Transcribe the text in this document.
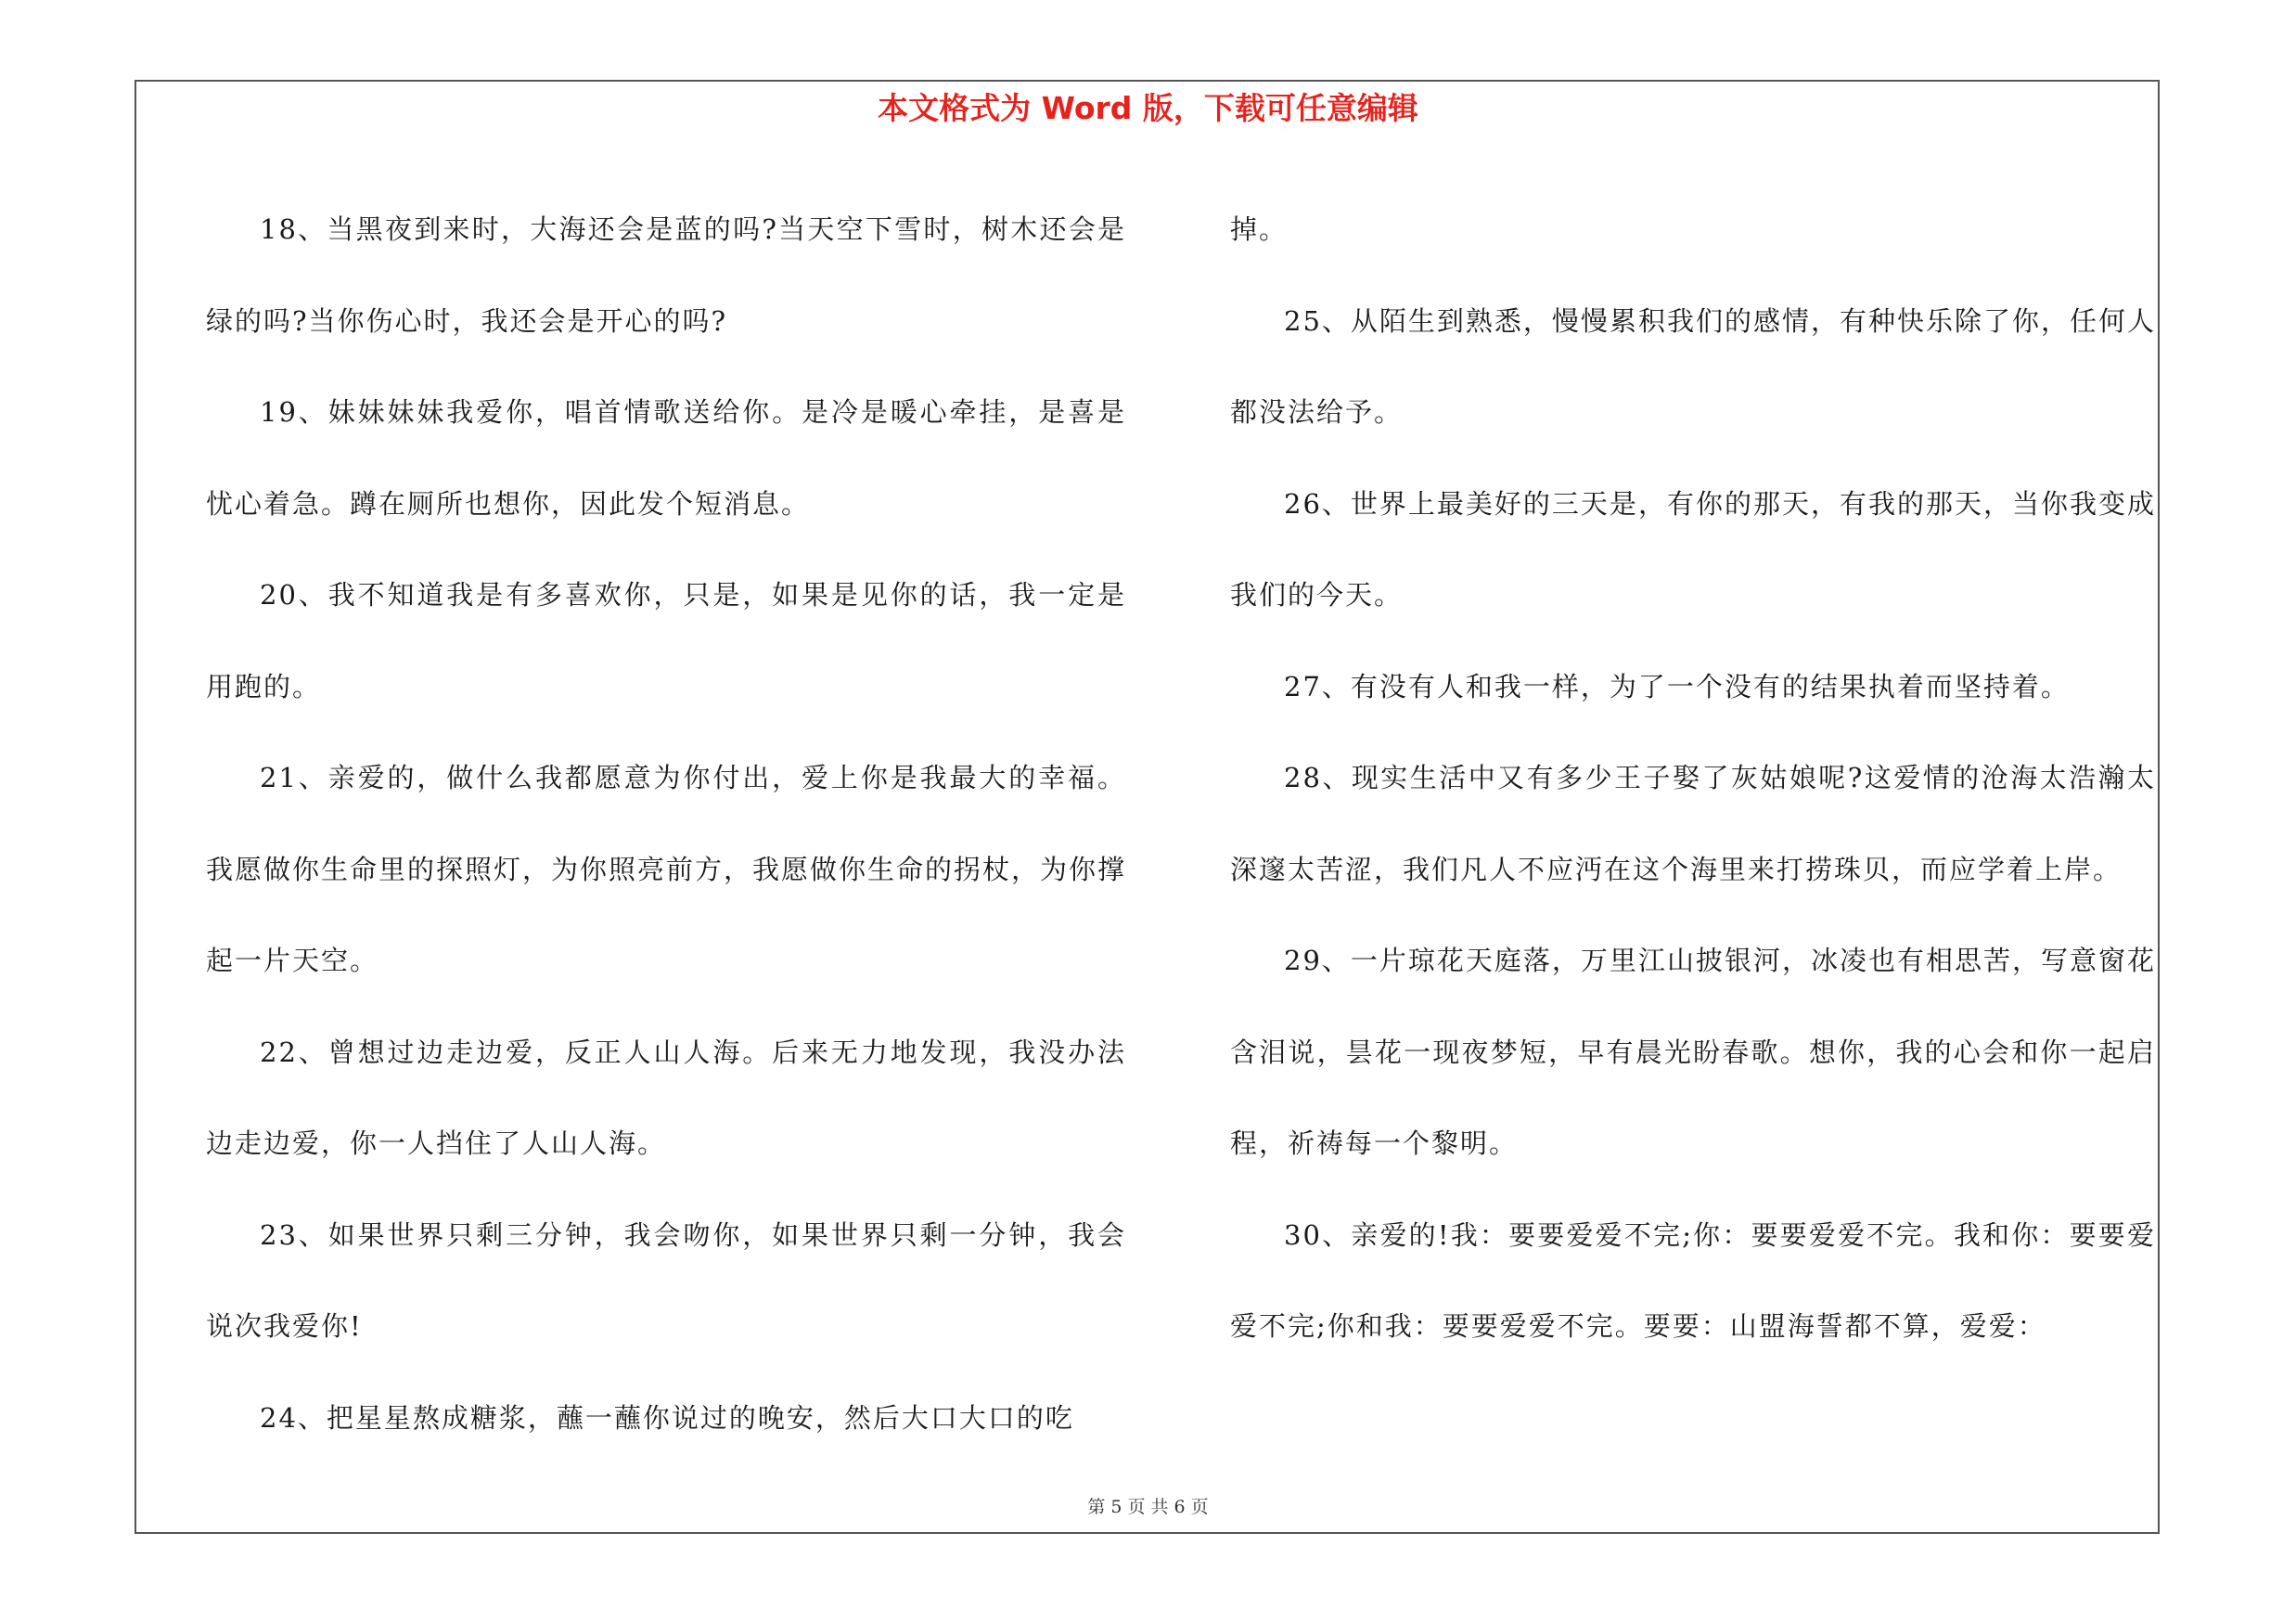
本文格式为 Word 版，下载可任意编辑

18、当黑夜到来时，大海还会是蓝的吗?当天空下雪时，树木还会是绿的吗?当你伤心时，我还会是开心的吗?

19、妹妹妹妹我爱你，唱首情歌送给你。是冷是暖心牵挂，是喜是忧心着急。蹲在厕所也想你，因此发个短消息。

20、我不知道我是有多喜欢你，只是，如果是见你的话，我一定是用跑的。

21、亲爱的，做什么我都愿意为你付出，爱上你是我最大的幸福。我愿做你生命里的探照灯，为你照亮前方，我愿做你生命的拐杖，为你撑起一片天空。

22、曾想过边走边爱，反正人山人海。后来无力地发现，我没办法边走边爱，你一人挡住了人山人海。

23、如果世界只剩三分钟，我会吻你，如果世界只剩一分钟，我会说次我爱你!

24、把星星熬成糖浆，蘸一蘸你说过的晚安，然后大口大口的吃

掉。

25、从陌生到熟悉，慢慢累积我们的感情，有种快乐除了你，任何人都没法给予。

26、世界上最美好的三天是，有你的那天，有我的那天，当你我变成我们的今天。

27、有没有人和我一样，为了一个没有的结果执着而坚持着。

28、现实生活中又有多少王子娶了灰姑娘呢?这爱情的沧海太浩瀚太深邃太苦涩，我们凡人不应沔在这个海里来打捞珠贝，而应学着上岸。

29、一片琼花天庭落，万里江山披银河，冰凌也有相思苦，写意窗花含泪说，昙花一现夜梦短，早有晨光盼春歌。想你，我的心会和你一起启程，祈祷每一个黎明。

30、亲爱的!我：要要爱爱不完;你：要要爱爱不完。我和你：要要爱爱不完;你和我：要要爱爱不完。要要：山盟海誓都不算，爱爱：

第 5 页 共 6 页
